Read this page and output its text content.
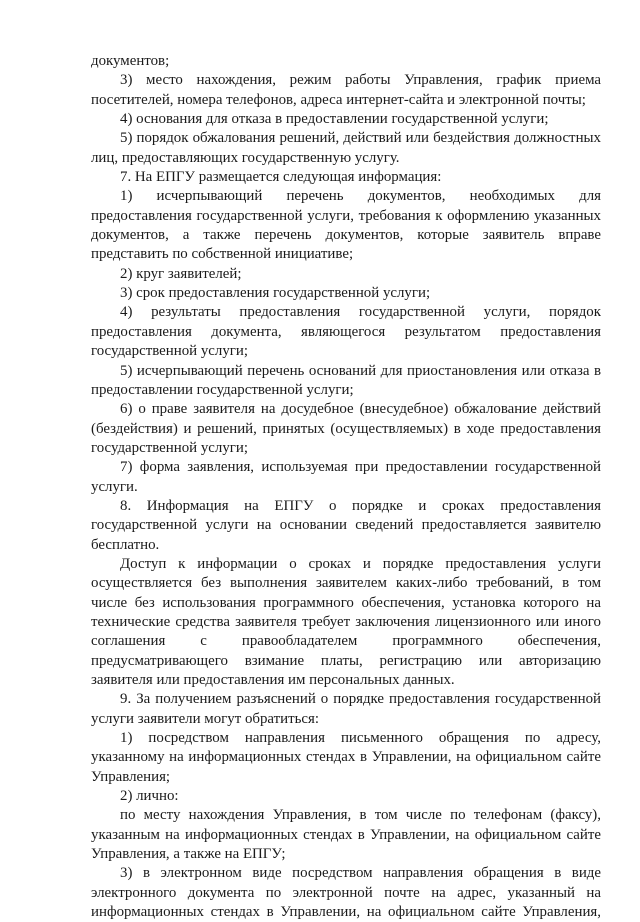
документов;

3) место нахождения, режим работы Управления, график приема посетителей, номера телефонов, адреса интернет-сайта и электронной почты;

4) основания для отказа в предоставлении государственной услуги;

5) порядок обжалования решений, действий или бездействия должностных лиц, предоставляющих государственную услугу.

7. На ЕПГУ размещается следующая информация:

1) исчерпывающий перечень документов, необходимых для предоставления государственной услуги, требования к оформлению указанных документов, а также перечень документов, которые заявитель вправе представить по собственной инициативе;

2) круг заявителей;

3) срок предоставления государственной услуги;

4) результаты предоставления государственной услуги, порядок предоставления документа, являющегося результатом предоставления государственной услуги;

5) исчерпывающий перечень оснований для приостановления или отказа в предоставлении государственной услуги;

6) о праве заявителя на досудебное (внесудебное) обжалование действий (бездействия) и решений, принятых (осуществляемых) в ходе предоставления государственной услуги;

7) форма заявления, используемая при предоставлении государственной услуги.

8. Информация на ЕПГУ о порядке и сроках предоставления государственной услуги на основании сведений предоставляется заявителю бесплатно.

Доступ к информации о сроках и порядке предоставления услуги осуществляется без выполнения заявителем каких-либо требований, в том числе без использования программного обеспечения, установка которого на технические средства заявителя требует заключения лицензионного или иного соглашения с правообладателем программного обеспечения, предусматривающего взимание платы, регистрацию или авторизацию заявителя или предоставления им персональных данных.

9. За получением разъяснений о порядке предоставления государственной услуги заявители могут обратиться:

1) посредством направления письменного обращения по адресу, указанному на информационных стендах в Управлении, на официальном сайте Управления;

2) лично:

по месту нахождения Управления, в том числе по телефонам (факсу), указанным на информационных стендах в Управлении, на официальном сайте Управления, а также на ЕПГУ;

3) в электронном виде посредством направления обращения в виде электронного документа по электронной почте на адрес, указанный на информационных стендах в Управлении, на официальном сайте Управления,
